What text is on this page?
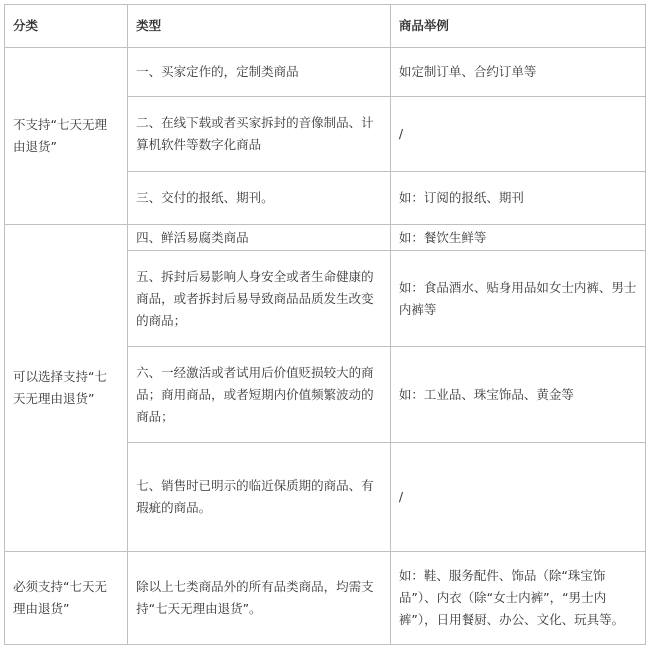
分类	类型	商品举例
不支持“七天无理由退货”	一、买家定作的，定制类商品	如定制订单、合约订单等
	二、在线下载或者买家拆封的音像制品、计算机软件等数字化商品	/
	三、交付的报纸、期刊。	如：订阅的报纸、期刊
可以选择支持“七天无理由退货”	四、鲜活易腐类商品	如：餐饮生鲜等
	五、拆封后易影响人身安全或者生命健康的商品，或者拆封后易导致商品品质发生改变的商品；	如：食品酒水、贴身用品如女士内裤、男士内裤等
	六、一经激活或者试用后价值贬损较大的商品；商用商品，或者短期内价值频繁波动的商品；	如：工业品、珠宝饰品、黄金等
	七、销售时已明示的临近保质期的商品、有瑕疵的商品。	/
必须支持“七天无理由退货”	除以上七类商品外的所有品类商品，均需支持“七天无理由退货”。	如：鞋、服务配件、饰品（除“珠宝饰品”）、内衣（除“女士内裤”，“男士内裤”），日用餐厨、办公、文化、玩具等。
